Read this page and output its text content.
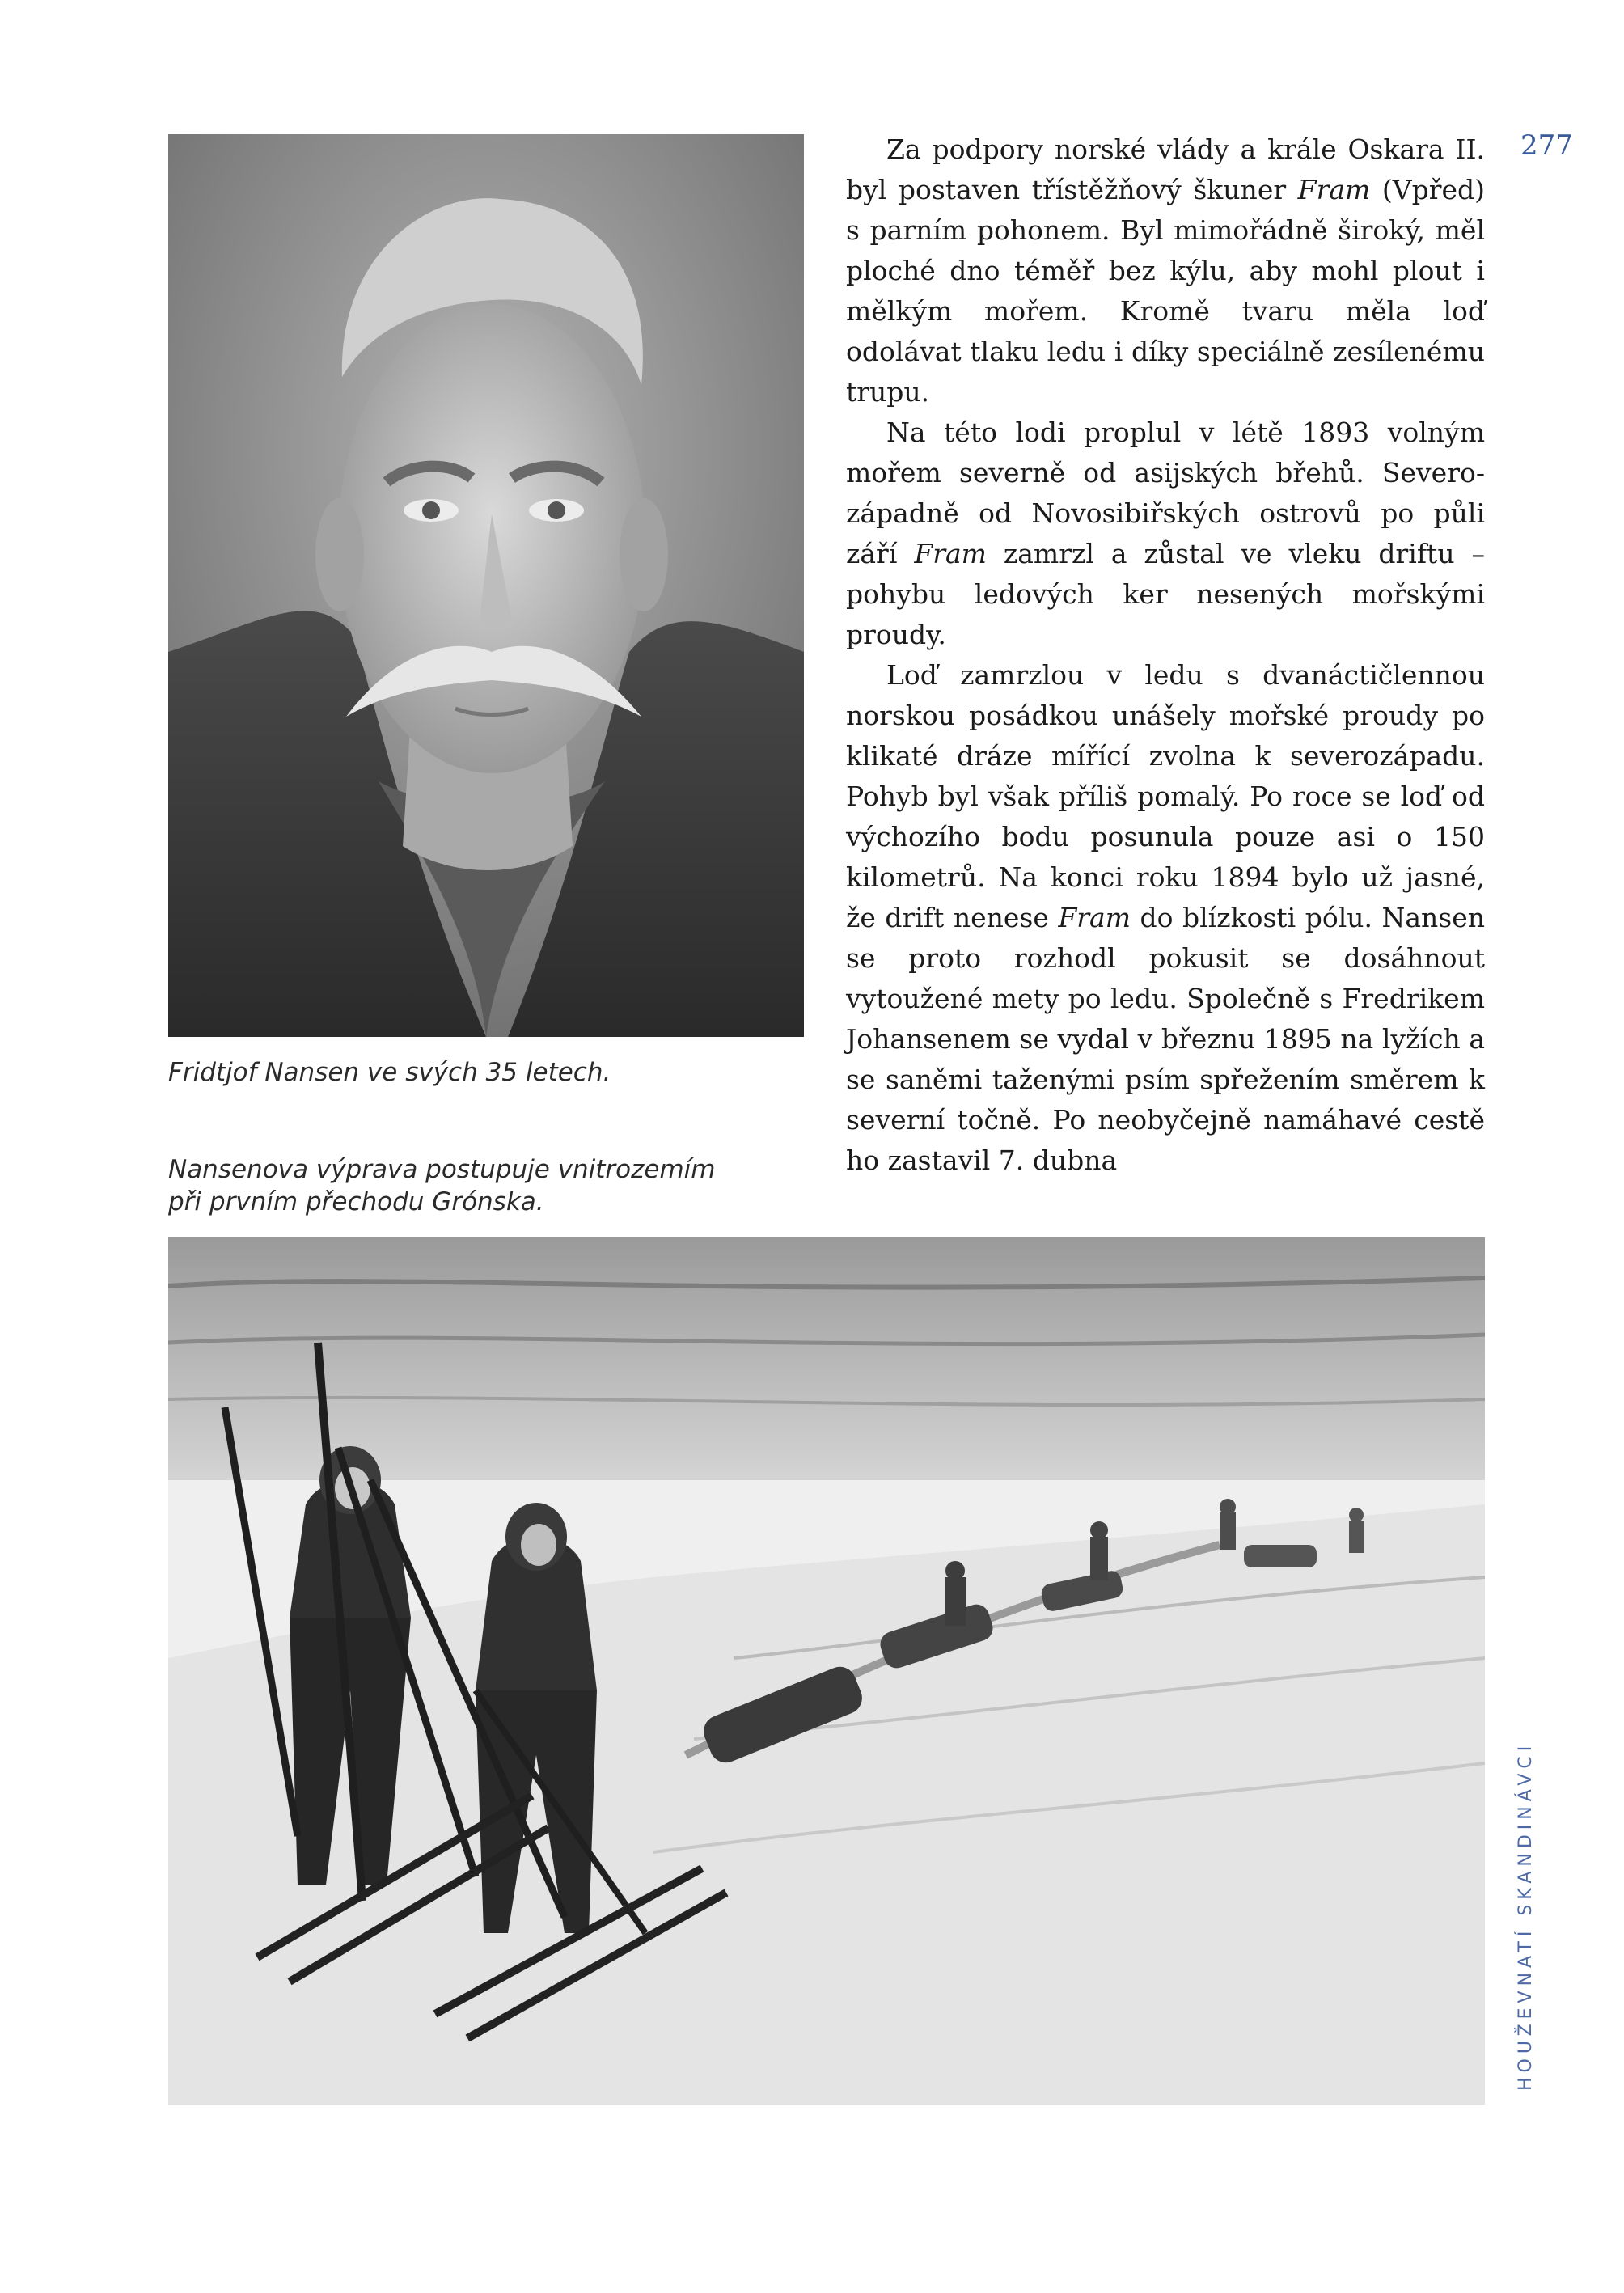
277
Fridtjof Nansen ve svých 35 letech.
Nansenova výprava postupuje vnitrozemím
při prvním přechodu Grónska.

Za podpory norské vlády a krále Oskara II. byl postaven třístěžňový škuner Fram (Vpřed) s parním pohonem. Byl mimořádně široký, měl ploché dno téměř bez kýlu, aby mohl plout i mělkým mořem. Kromě tvaru měla loď odolávat tlaku ledu i díky speciálně zesílenému trupu.

Na této lodi proplul v létě 1893 volným mořem severně od asijských břehů. Severozápadně od Novosibiřských ostrovů po půli září Fram zamrzl a zůstal ve vleku driftu – pohybu ledových ker nesených mořskými proudy.

Loď zamrzlou v ledu s dvanáctičlennou norskou posádkou unášely mořské proudy po klikaté dráze mířící zvolna k severozápadu. Pohyb byl však příliš pomalý. Po roce se loď od výchozího bodu posunula pouze asi o 150 kilometrů. Na konci roku 1894 bylo už jasné, že drift nenese Fram do blízkosti pólu. Nansen se proto rozhodl pokusit se dosáhnout vytoužené mety po ledu. Společně s Fredrikem Johansenem se vydal v březnu 1895 na lyžích a se saněmi taženými psím spřežením směrem k severní točně. Po neobyčejně namáhavé cestě ho zastavil 7. dubna

HOUŽEVNATÍ SKANDINÁVCI
